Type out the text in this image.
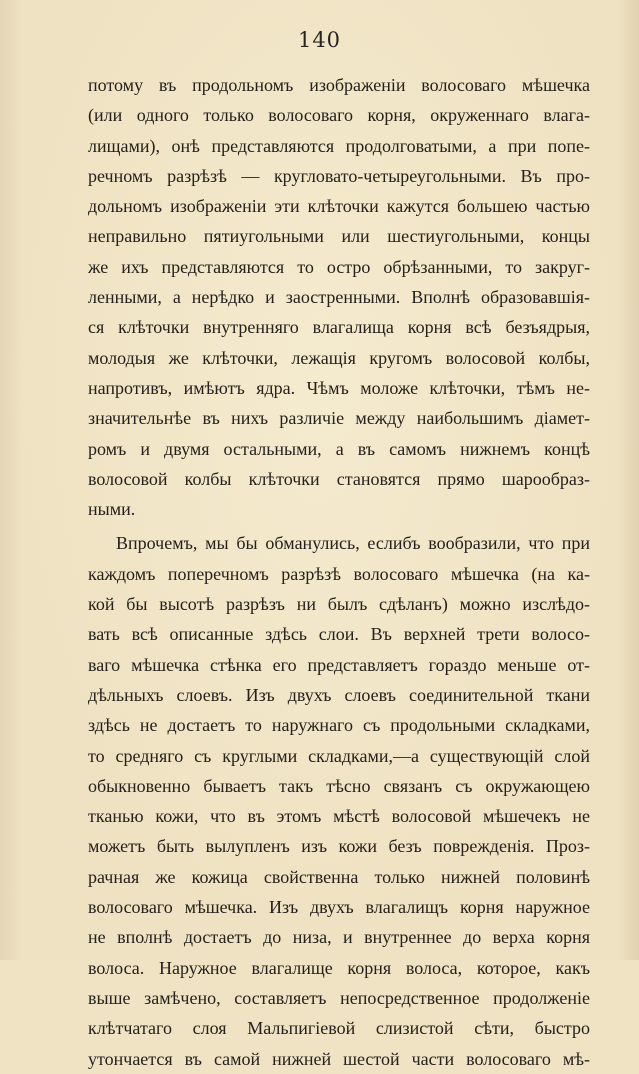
140
потому въ продольномъ изображеніи волосоваго мѣшечка
(или одного только волосоваго корня, окруженнаго влага-
лищами), онѣ представляются продолговатыми, а при попе-
речномъ разрѣзѣ — кругловато-четыреугольными. Въ про-
дольномъ изображеніи эти клѣточки кажутся большею частью
неправильно пятиугольными или шестиугольными, концы
же ихъ представляются то остро обрѣзанными, то закруг-
ленными, а нерѣдко и заостренными. Вполнѣ образовавшія-
ся клѣточки внутренняго влагалища корня всѣ безъядрыя,
молодыя же клѣточки, лежащія кругомъ волосовой колбы,
напротивъ, имѣютъ ядра. Чѣмъ моложе клѣточки, тѣмъ не-
значительнѣе въ нихъ различіе между наибольшимъ діамет-
ромъ и двумя остальными, а въ самомъ нижнемъ концѣ
волосовой колбы клѣточки становятся прямо шарообраз-
ными.
Впрочемъ, мы бы обманулись, еслибъ вообразили, что при
каждомъ поперечномъ разрѣзѣ волосоваго мѣшечка (на ка-
кой бы высотѣ разрѣзъ ни былъ сдѣланъ) можно изслѣдо-
вать всѣ описанные здѣсь слои. Въ верхней трети волосо-
ваго мѣшечка стѣнка его представляетъ гораздо меньше от-
дѣльныхъ слоевъ. Изъ двухъ слоевъ соединительной ткани
здѣсь не достаетъ то наружнаго съ продольными складками,
то средняго съ круглыми складками,—а существующій слой
обыкновенно бываетъ такъ тѣсно связанъ съ окружающею
тканью кожи, что въ этомъ мѣстѣ волосовой мѣшечекъ не
можетъ быть вылупленъ изъ кожи безъ поврежденія. Проз-
рачная же кожица свойственна только нижней половинѣ
волосоваго мѣшечка. Изъ двухъ влагалищъ корня наружное
не вполнѣ достаетъ до низа, и внутреннее до верха корня
волоса. Наружное влагалище корня волоса, которое, какъ
выше замѣчено, составляетъ непосредственное продолженіе
клѣтчатаго слоя Мальпигіевой слизистой сѣти, быстро
утончается въ самой нижней шестой части волосоваго мѣ-
